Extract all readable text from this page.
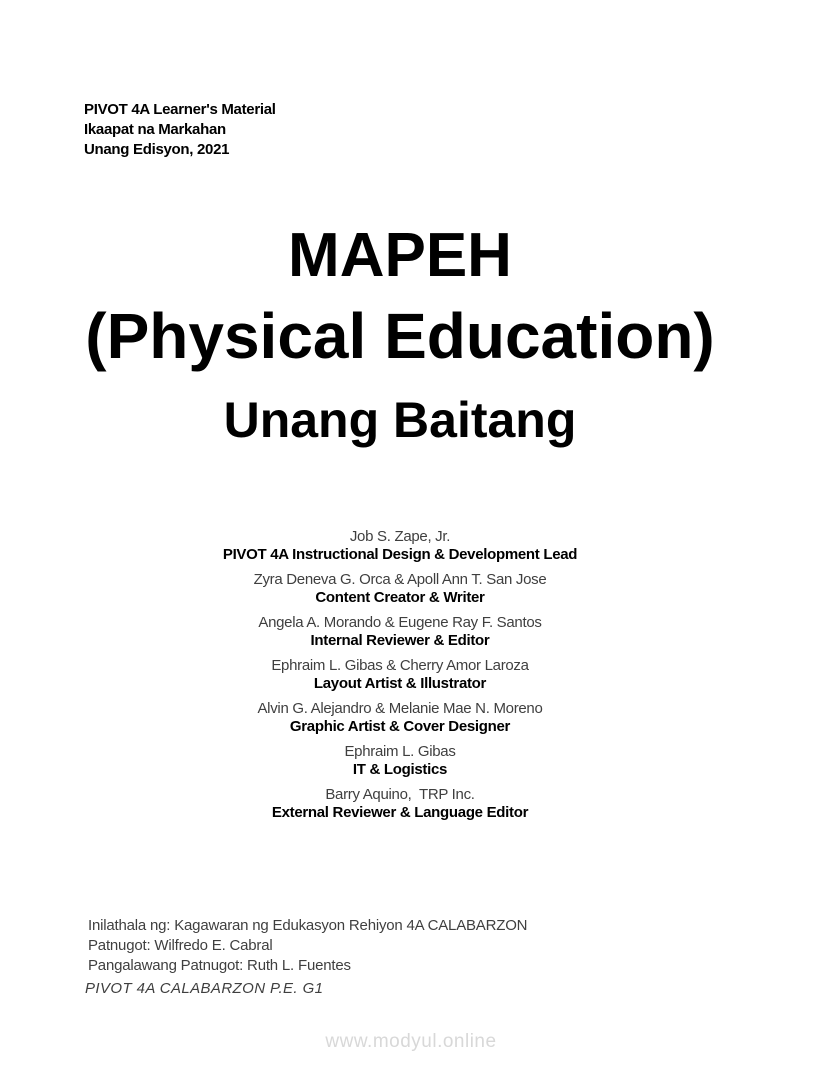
PIVOT 4A Learner's Material
Ikaapat na Markahan
Unang Edisyon, 2021
MAPEH
(Physical Education)
Unang Baitang
Job S. Zape, Jr.
PIVOT 4A Instructional Design & Development Lead
Zyra Deneva G. Orca & Apoll Ann T. San Jose
Content Creator & Writer
Angela A. Morando & Eugene Ray F. Santos
Internal Reviewer & Editor
Ephraim L. Gibas & Cherry Amor Laroza
Layout Artist & Illustrator
Alvin G. Alejandro & Melanie Mae N. Moreno
Graphic Artist & Cover Designer
Ephraim L. Gibas
IT & Logistics
Barry Aquino,  TRP Inc.
External Reviewer & Language Editor
Inilathala ng: Kagawaran ng Edukasyon Rehiyon 4A CALABARZON
Patnugot: Wilfredo E. Cabral
Pangalawang Patnugot: Ruth L. Fuentes
PIVOT 4A CALABARZON P.E. G1
www.modyul.online
